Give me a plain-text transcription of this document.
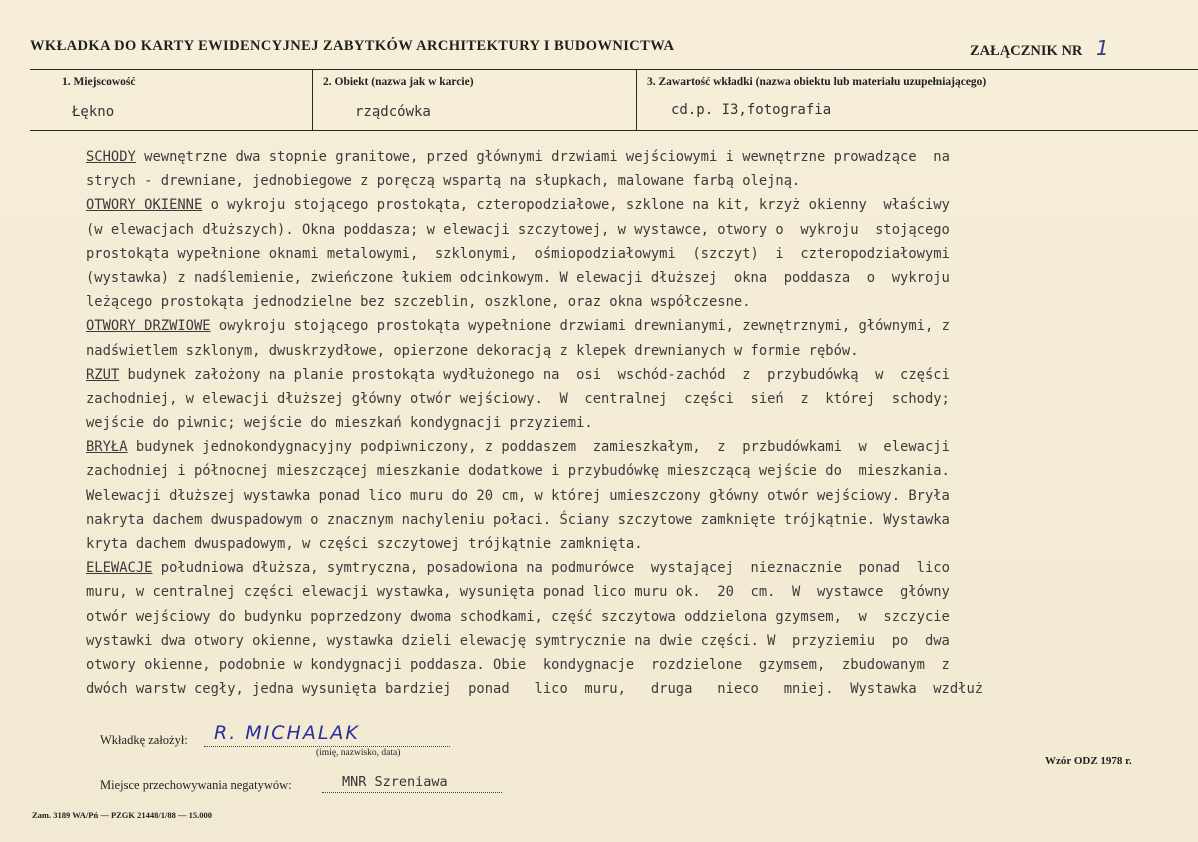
WKŁADKA DO KARTY EWIDENCYJNEJ ZABYTKÓW ARCHITEKTURY I BUDOWNICTWA	ZAŁĄCZNIK NR 1
1. Miejscowość
Łękno
2. Obiekt (nazwa jak w karcie)
rządcówka
3. Zawartość wkładki (nazwa obiektu lub materiału uzupełniającego)
cd.p. I3,fotografia
SCHODY wewnętrzne dwa stopnie granitowe, przed głównymi drzwiami wejściowymi i wewnętrzne prowadzące  na
strych - drewniane, jednobiegowe z poręczą wspartą na słupkach, malowane farbą olejną.
OTWORY OKIENNE o wykroju stojącego prostokąta, czteropodziałowe, szklone na kit, krzyż okienny  właściwy
(w elewacjach dłuższych). Okna poddasza; w elewacji szczytowej, w wystawce, otwory o  wykroju  stojącego
prostokąta wypełnione oknami metalowymi,  szklonymi,  ośmiopodziałowymi  (szczyt)  i  czteropodziałowymi
(wystawka) z nadślemienie, zwieńczone łukiem odcinkowym. W elewacji dłuższej  okna  poddasza  o  wykroju
leżącego prostokąta jednodzielne bez szczeblin, oszklone, oraz okna współczesne.
OTWORY DRZWIOWE owykroju stojącego prostokąta wypełnione drzwiami drewnianymi, zewnętrznymi, głównymi, z
nadświetlem szklonym, dwuskrzydłowe, opierzone dekoracją z klepek drewnianych w formie rębów.
RZUT budynek założony na planie prostokąta wydłużonego na  osi  wschód-zachód  z  przybudówką  w  części
zachodniej, w elewacji dłuższej główny otwór wejściowy.  W  centralnej  części  sień  z  której  schody;
wejście do piwnic; wejście do mieszkań kondygnacji przyziemi.
BRYŁA budynek jednokondygnacyjny podpiwniczony, z poddaszem  zamieszkałym,  z  przbudówkami  w  elewacji
zachodniej i północnej mieszczącej mieszkanie dodatkowe i przybudówkę mieszczącą wejście do  mieszkania.
Welewacji dłuższej wystawka ponad lico muru do 20 cm, w której umieszczony główny otwór wejściowy. Bryła
nakryta dachem dwuspadowym o znacznym nachyleniu połaci. Ściany szczytowe zamknięte trójkątnie. Wystawka
kryta dachem dwuspadowym, w części szczytowej trójkątnie zamknięta.
ELEWACJE południowa dłuższa, symtryczna, posadowiona na podmurówce  wystającej  nieznacznie  ponad  lico
muru, w centralnej części elewacji wystawka, wysunięta ponad lico muru ok.  20  cm.  W  wystawce  główny
otwór wejściowy do budynku poprzedzony dwoma schodkami, część szczytowa oddzielona gzymsem,  w  szczycie
wystawki dwa otwory okienne, wystawka dzieli elewację symtrycznie na dwie części. W  przyziemiu  po  dwa
otwory okienne, podobnie w kondygnacji poddasza. Obie  kondygnacje  rozdzielone  gzymsem,  zbudowanym  z
dwóch warstw cegły, jedna wysunięta bardziej  ponad   lico  muru,   druga   nieco   mniej.  Wystawka  wzdłuż
Wkładkę założył: R. MICHALAK
(imię, nazwisko, data)
Wzór ODZ 1978 r.
Miejsce przechowywania negatywów:	MNR Szreniawa
Zam. 3189 WA/Pń — PZGK 21448/1/88 — 15.000
